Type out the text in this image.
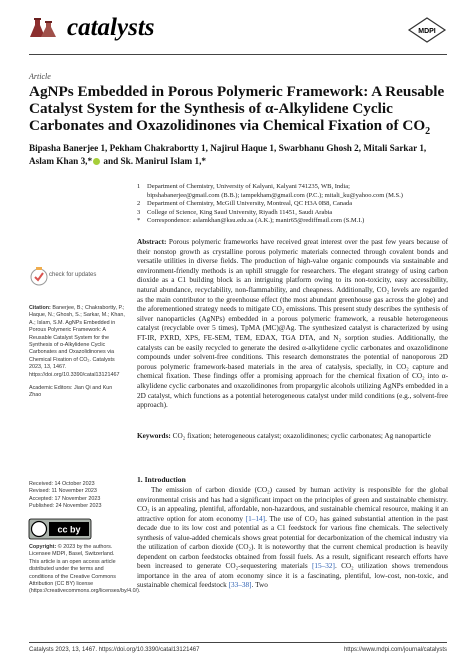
catalysts	MDPI
Article
AgNPs Embedded in Porous Polymeric Framework: A Reusable Catalyst System for the Synthesis of α-Alkylidene Cyclic Carbonates and Oxazolidinones via Chemical Fixation of $CO_2$
Bipasha Banerjee 1, Pekham Chakrabortty 1, Najirul Haque 1, Swarbhanu Ghosh 2, Mitali Sarkar 1,
Aslam Khan 3,* and Sk. Manirul Islam 1,*
1	Department of Chemistry, University of Kalyani, Kalyani 741235, WB, India;
bipshabanerjee@gmail.com (B.B.); iampekham@gmail.com (P.C.); mitali_ku@yahoo.com (M.S.)
2	Department of Chemistry, McGill University, Montreal, QC H3A 0B8, Canada
3	College of Science, King Saud University, Riyadh 11451, Saudi Arabia
*	Correspondence: aslamkhan@ksu.edu.sa (A.K.); manir65@rediffmail.com (S.M.I.)

Abstract: Porous polymeric frameworks have received great interest over the past few years because of their nonstop growth as crystalline porous polymeric materials connected through covalent bonds and versatile utilities in diverse fields. The production of high-value organic compounds via sustainable and environment-friendly methods is an uphill struggle for researchers. The elegant strategy of using carbon dioxide as a C1 building block is an intriguing platform owing to its non-toxicity, easy accessibility, natural abundance, recyclability, non-flammability, and cheapness. Additionally, CO₂ levels are regarded as the main contributor to the greenhouse effect (the most abundant greenhouse gas across the globe) and the aforementioned strategy needs to mitigate CO₂ emissions. This present study describes the synthesis of silver nanoparticles (AgNPs) embedded in a porous polymeric framework, a reusable heterogeneous catalyst (recyclable over 5 times), TpMA (MC)@Ag. The synthesized catalyst is characterized by using FT-IR, PXRD, XPS, FE-SEM, TEM, EDAX, TGA DTA, and N₂ sorption studies. Additionally, the catalysts can be easily recycled to generate the desired α-alkylidene cyclic carbonates and oxazolidinone compounds under solvent-free conditions. This research demonstrates the potential of nanoporous 2D porous polymeric framework-based materials in the area of catalysis, specially, in CO₂ capture and chemical fixation. These findings offer a promising approach for the chemical fixation of CO₂ into α-alkylidene cyclic carbonates and oxazolidinones from propargylic alcohols utilizing AgNPs embedded in a 2D catalyst, which functions as a potential heterogeneous catalyst under mild conditions (e.g., solvent-free approach).

Keywords: CO₂ fixation; heterogeneous catalyst; oxazolidinones; cyclic carbonates; Ag nanoparticle
check for updates

Citation: Banerjee, B.; Chakrabortty, P.; Haque, N.; Ghosh, S.; Sarkar, M.; Khan, A.; Islam, S.M. AgNPs Embedded in Porous Polymeric Framework: A Reusable Catalyst System for the Synthesis of α-Alkylidene Cyclic Carbonates and Oxazolidinones via Chemical Fixation of CO₂. Catalysts 2023, 13, 1467. https://doi.org/10.3390/catal13121467

Academic Editors: Jian Qi and Kun Zhao

Received: 14 October 2023
Revised: 11 November 2023
Accepted: 17 November 2023
Published: 24 November 2023
cc by
Copyright: © 2023 by the authors. Licensee MDPI, Basel, Switzerland. This article is an open access article distributed under the terms and conditions of the Creative Commons Attribution (CC BY) license (https://creativecommons.org/licenses/by/4.0/).
1. Introduction

The emission of carbon dioxide (CO₂) caused by human activity is responsible for the global environmental crisis and has had a significant impact on the principles of green and sustainable chemistry. CO₂ is an appealing, plentiful, affordable, non-hazardous, and sustainable chemical resource, making it an attractive option for atom economy [1–14]. The use of CO₂ has gained substantial attention in the past decade due to its low cost and potential as a C1 feedstock for various fine chemicals. The selectively synthesis of value-added chemicals shows great potential for decarbonization of the chemical industry via the utilization of carbon dioxide (CO₂). It is noteworthy that the current chemical production is heavily dependent on carbon feedstocks obtained from fossil fuels. As a result, significant research efforts have been increased to generate CO₂-sequestering materials [15–32]. CO₂ utilization shows tremendous importance in the area of atom economy since it is a fascinating, plentiful, low-cost, non-toxic, and sustainable chemical feedstock [33–38]. Two

Catalysts 2023, 13, 1467. https://doi.org/10.3390/catal13121467	https://www.mdpi.com/journal/catalysts
